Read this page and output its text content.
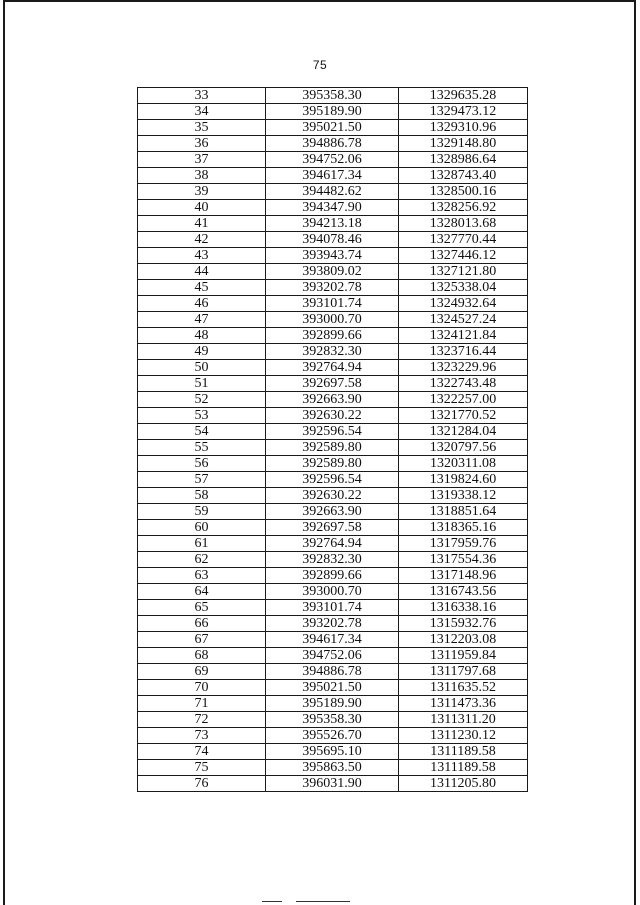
75
33	395358.30	1329635.28
34	395189.90	1329473.12
35	395021.50	1329310.96
36	394886.78	1329148.80
37	394752.06	1328986.64
38	394617.34	1328743.40
39	394482.62	1328500.16
40	394347.90	1328256.92
41	394213.18	1328013.68
42	394078.46	1327770.44
43	393943.74	1327446.12
44	393809.02	1327121.80
45	393202.78	1325338.04
46	393101.74	1324932.64
47	393000.70	1324527.24
48	392899.66	1324121.84
49	392832.30	1323716.44
50	392764.94	1323229.96
51	392697.58	1322743.48
52	392663.90	1322257.00
53	392630.22	1321770.52
54	392596.54	1321284.04
55	392589.80	1320797.56
56	392589.80	1320311.08
57	392596.54	1319824.60
58	392630.22	1319338.12
59	392663.90	1318851.64
60	392697.58	1318365.16
61	392764.94	1317959.76
62	392832.30	1317554.36
63	392899.66	1317148.96
64	393000.70	1316743.56
65	393101.74	1316338.16
66	393202.78	1315932.76
67	394617.34	1312203.08
68	394752.06	1311959.84
69	394886.78	1311797.68
70	395021.50	1311635.52
71	395189.90	1311473.36
72	395358.30	1311311.20
73	395526.70	1311230.12
74	395695.10	1311189.58
75	395863.50	1311189.58
76	396031.90	1311205.80
